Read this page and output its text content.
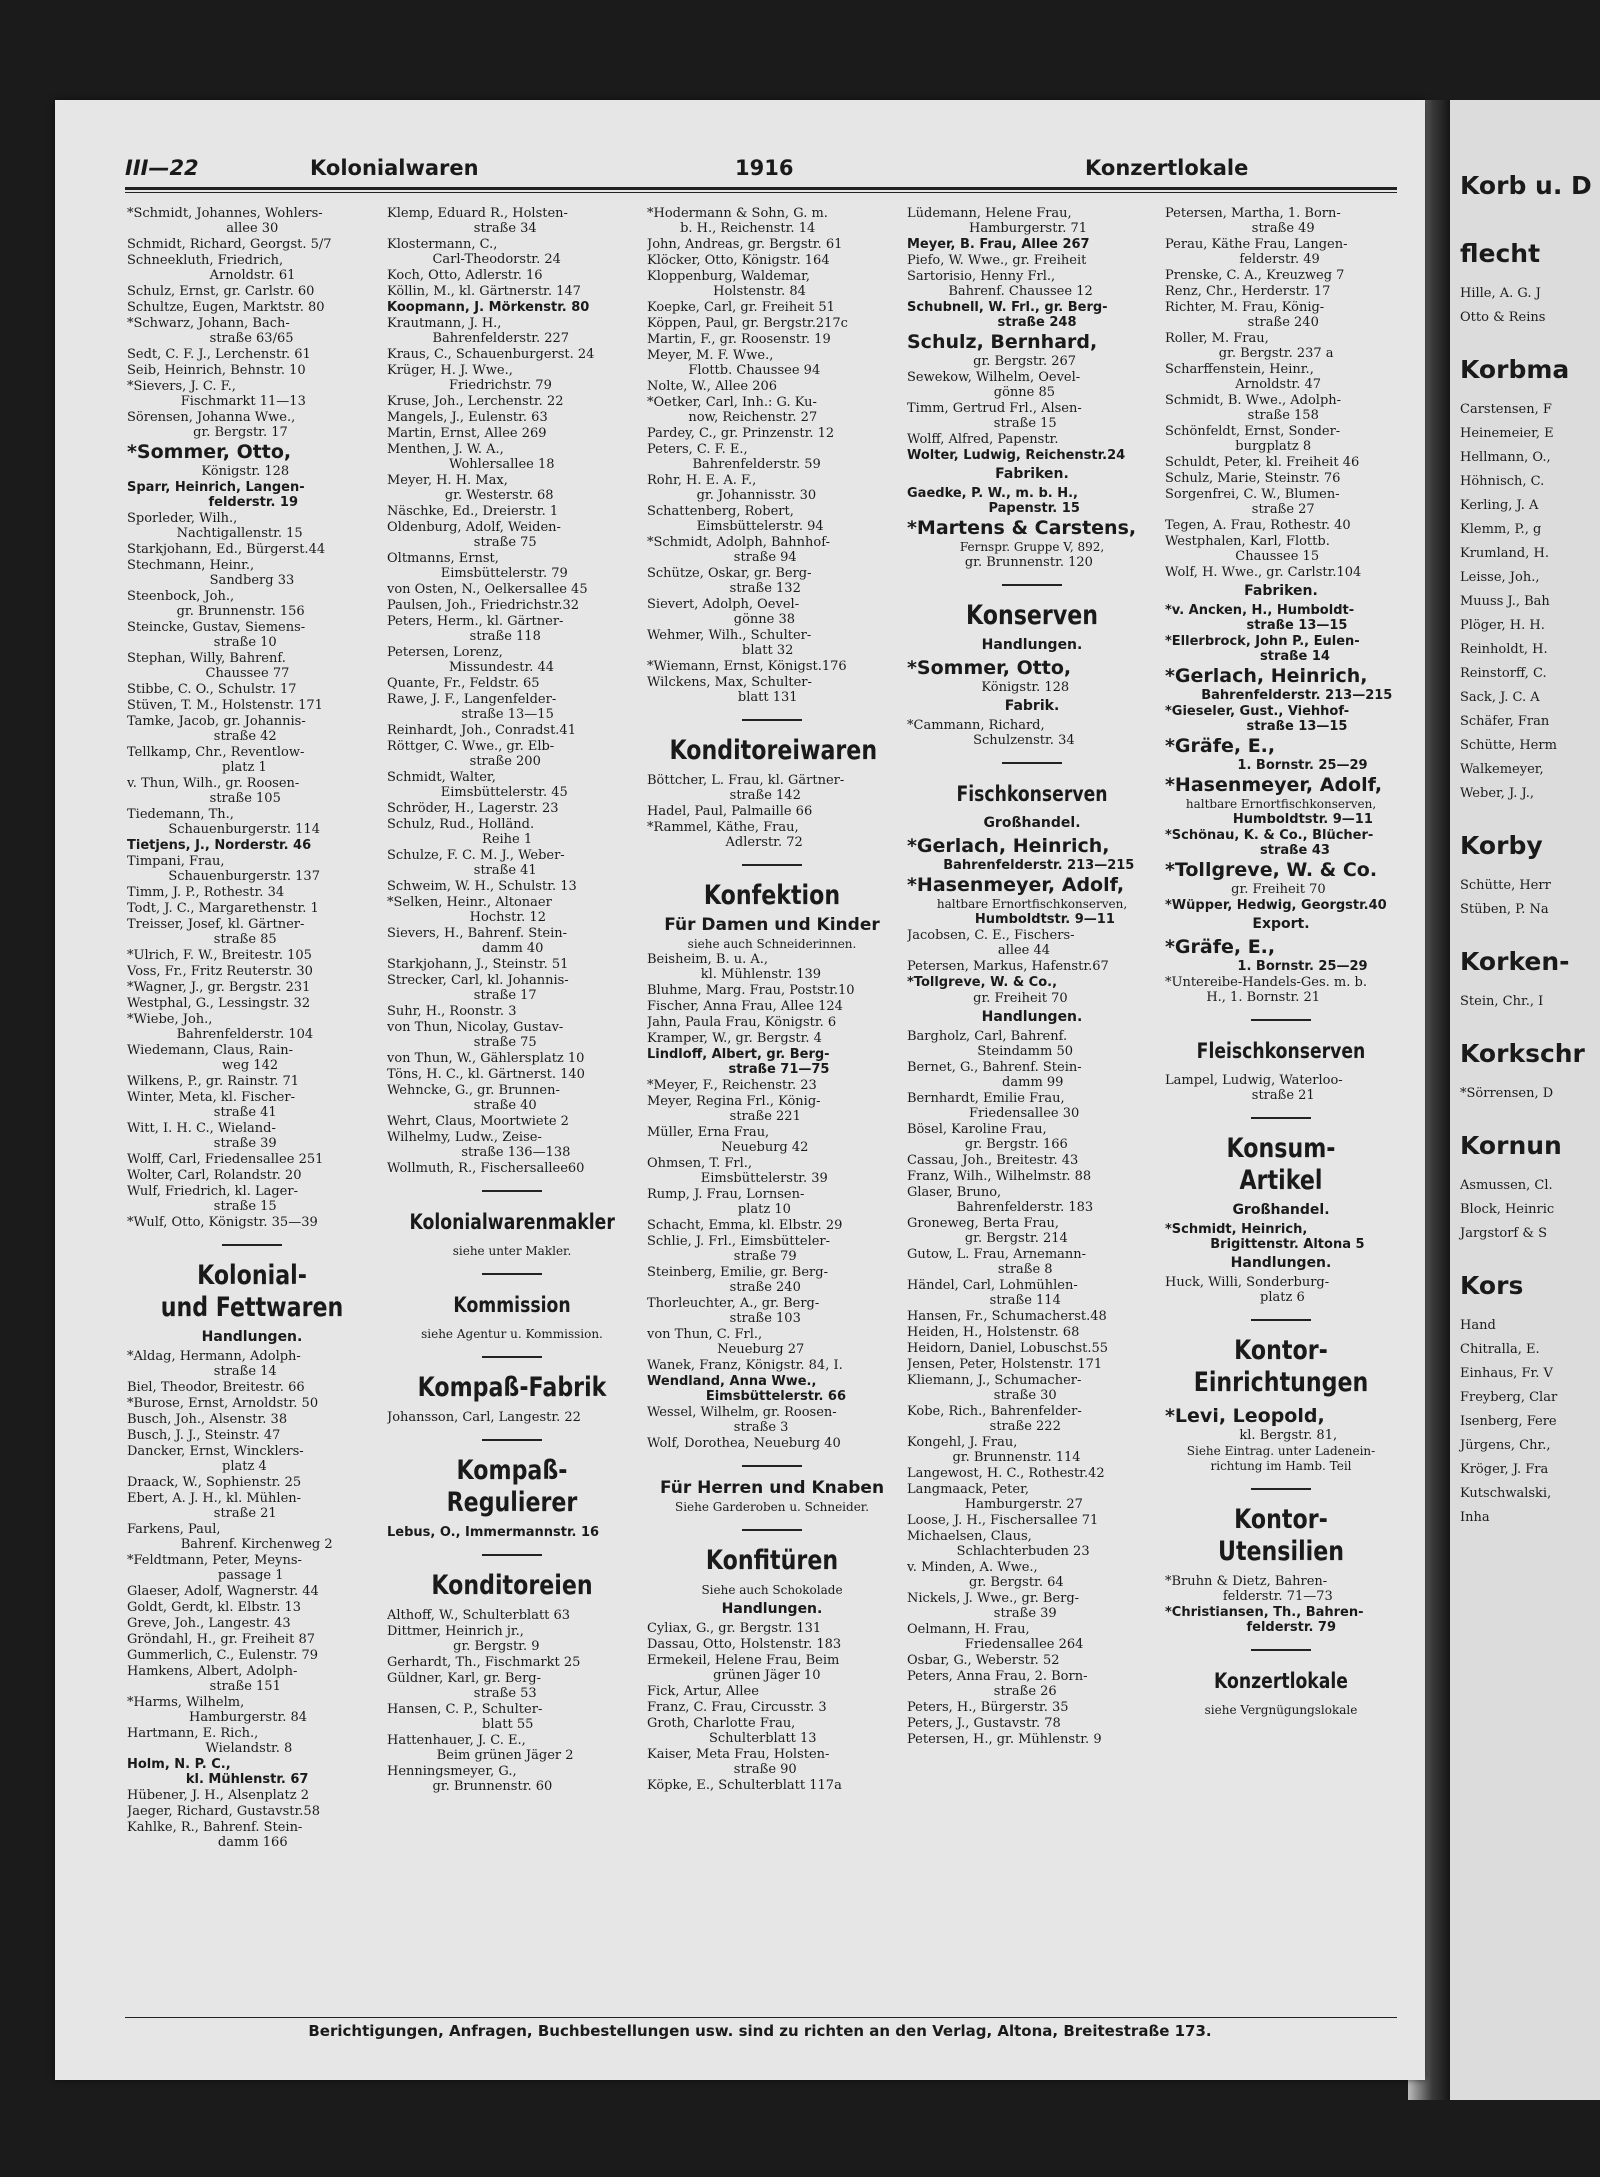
III—22	Kolonialwaren	1916	Konzertlokale
*Schmidt, Johannes, Wohlers-
allee 30
Schmidt, Richard, Georgst. 5/7
Schneekluth, Friedrich,
Arnoldstr. 61
Schulz, Ernst, gr. Carlstr. 60
Schultze, Eugen, Marktstr. 80
*Schwarz, Johann, Bach-
straße 63/65
Sedt, C. F. J., Lerchenstr. 61
Seib, Heinrich, Behnstr. 10
*Sievers, J. C. F.,
Fischmarkt 11—13
Sörensen, Johanna Wwe.,
gr. Bergstr. 17
*Sommer, Otto,
Königstr. 128
Sparr, Heinrich, Langen-
felderstr. 19
Sporleder, Wilh.,
Nachtigallenstr. 15
Starkjohann, Ed., Bürgerst.44
Stechmann, Heinr.,
Sandberg 33
Steenbock, Joh.,
gr. Brunnenstr. 156
Steincke, Gustav, Siemens-
straße 10
Stephan, Willy, Bahrenf.
Chaussee 77
Stibbe, C. O., Schulstr. 17
Stüven, T. M., Holstenstr. 171
Tamke, Jacob, gr. Johannis-
straße 42
Tellkamp, Chr., Reventlow-
platz 1
v. Thun, Wilh., gr. Roosen-
straße 105
Tiedemann, Th.,
Schauenburgerstr. 114
Tietjens, J., Norderstr. 46
Timpani, Frau,
Schauenburgerstr. 137
Timm, J. P., Rothestr. 34
Todt, J. C., Margarethenstr. 1
Treisser, Josef, kl. Gärtner-
straße 85
*Ulrich, F. W., Breitestr. 105
Voss, Fr., Fritz Reuterstr. 30
*Wagner, J., gr. Bergstr. 231
Westphal, G., Lessingstr. 32
*Wiebe, Joh.,
Bahrenfelderstr. 104
Wiedemann, Claus, Rain-
weg 142
Wilkens, P., gr. Rainstr. 71
Winter, Meta, kl. Fischer-
straße 41
Witt, I. H. C., Wieland-
straße 39
Wolff, Carl, Friedensallee 251
Wolter, Carl, Rolandstr. 20
Wulf, Friedrich, kl. Lager-
straße 15
*Wulf, Otto, Königstr. 35—39
Kolonial-
und Fettwaren
Handlungen.
*Aldag, Hermann, Adolph-
straße 14
Biel, Theodor, Breitestr. 66
*Burose, Ernst, Arnoldstr. 50
Busch, Joh., Alsenstr. 38
Busch, J. J., Steinstr. 47
Dancker, Ernst, Wincklers-
platz 4
Draack, W., Sophienstr. 25
Ebert, A. J. H., kl. Mühlen-
straße 21
Farkens, Paul,
Bahrenf. Kirchenweg 2
*Feldtmann, Peter, Meyns-
passage 1
Glaeser, Adolf, Wagnerstr. 44
Goldt, Gerdt, kl. Elbstr. 13
Greve, Joh., Langestr. 43
Gröndahl, H., gr. Freiheit 87
Gummerlich, C., Eulenstr. 79
Hamkens, Albert, Adolph-
straße 151
*Harms, Wilhelm,
Hamburgerstr. 84
Hartmann, E. Rich.,
Wielandstr. 8
Holm, N. P. C.,
kl. Mühlenstr. 67
Hübener, J. H., Alsenplatz 2
Jaeger, Richard, Gustavstr.58
Kahlke, R., Bahrenf. Stein-
damm 166
Klemp, Eduard R., Holsten-
straße 34
Klostermann, C.,
Carl-Theodorstr. 24
Koch, Otto, Adlerstr. 16
Köllin, M., kl. Gärtnerstr. 147
Koopmann, J. Mörkenstr. 80
Krautmann, J. H.,
Bahrenfelderstr. 227
Kraus, C., Schauenburgerst. 24
Krüger, H. J. Wwe.,
Friedrichstr. 79
Kruse, Joh., Lerchenstr. 22
Mangels, J., Eulenstr. 63
Martin, Ernst, Allee 269
Menthen, J. W. A.,
Wohlersallee 18
Meyer, H. H. Max,
gr. Westerstr. 68
Näschke, Ed., Dreierstr. 1
Oldenburg, Adolf, Weiden-
straße 75
Oltmanns, Ernst,
Eimsbüttelerstr. 79
von Osten, N., Oelkersallee 45
Paulsen, Joh., Friedrichstr.32
Peters, Herm., kl. Gärtner-
straße 118
Petersen, Lorenz,
Missundestr. 44
Quante, Fr., Feldstr. 65
Rawe, J. F., Langenfelder-
straße 13—15
Reinhardt, Joh., Conradst.41
Röttger, C. Wwe., gr. Elb-
straße 200
Schmidt, Walter,
Eimsbüttelerstr. 45
Schröder, H., Lagerstr. 23
Schulz, Rud., Holländ.
Reihe 1
Schulze, F. C. M. J., Weber-
straße 41
Schweim, W. H., Schulstr. 13
*Selken, Heinr., Altonaer
Hochstr. 12
Sievers, H., Bahrenf. Stein-
damm 40
Starkjohann, J., Steinstr. 51
Strecker, Carl, kl. Johannis-
straße 17
Suhr, H., Roonstr. 3
von Thun, Nicolay, Gustav-
straße 75
von Thun, W., Gählersplatz 10
Töns, H. C., kl. Gärtnerst. 140
Wehncke, G., gr. Brunnen-
straße 40
Wehrt, Claus, Moortwiete 2
Wilhelmy, Ludw., Zeise-
straße 136—138
Wollmuth, R., Fischersallee60
Kolonialwarenmakler
siehe unter Makler.
Kommission
siehe Agentur u. Kommission.
Kompaß-Fabrik
Johansson, Carl, Langestr. 22
Kompaß-Regulierer
Lebus, O., Immermannstr. 16
Konditoreien
Althoff, W., Schulterblatt 63
Dittmer, Heinrich jr.,
gr. Bergstr. 9
Gerhardt, Th., Fischmarkt 25
Güldner, Karl, gr. Berg-
straße 53
Hansen, C. P., Schulter-
blatt 55
Hattenhauer, J. C. E.,
Beim grünen Jäger 2
Henningsmeyer, G.,
gr. Brunnenstr. 60
*Hodermann & Sohn, G. m.
b. H., Reichenstr. 14
John, Andreas, gr. Bergstr. 61
Klöcker, Otto, Königstr. 164
Kloppenburg, Waldemar,
Holstenstr. 84
Koepke, Carl, gr. Freiheit 51
Köppen, Paul, gr. Bergstr.217c
Martin, F., gr. Roosenstr. 19
Meyer, M. F. Wwe.,
Flottb. Chaussee 94
Nolte, W., Allee 206
*Oetker, Carl, Inh.: G. Ku-
now, Reichenstr. 27
Pardey, C., gr. Prinzenstr. 12
Peters, C. F. E.,
Bahrenfelderstr. 59
Rohr, H. E. A. F.,
gr. Johannisstr. 30
Schattenberg, Robert,
Eimsbüttelerstr. 94
*Schmidt, Adolph, Bahnhof-
straße 94
Schütze, Oskar, gr. Berg-
straße 132
Sievert, Adolph, Oevel-
gönne 38
Wehmer, Wilh., Schulter-
blatt 32
*Wiemann, Ernst, Königst.176
Wilckens, Max, Schulter-
blatt 131
Konditoreiwaren
Böttcher, L. Frau, kl. Gärtner-
straße 142
Hadel, Paul, Palmaille 66
*Rammel, Käthe, Frau,
Adlerstr. 72
Konfektion
Für Damen und Kinder
siehe auch Schneiderinnen.
Beisheim, B. u. A.,
kl. Mühlenstr. 139
Bluhme, Marg. Frau, Poststr.10
Fischer, Anna Frau, Allee 124
Jahn, Paula Frau, Königstr. 6
Kramper, W., gr. Bergstr. 4
Lindloff, Albert, gr. Berg-
straße 71—75
*Meyer, F., Reichenstr. 23
Meyer, Regina Frl., König-
straße 221
Müller, Erna Frau,
Neueburg 42
Ohmsen, T. Frl.,
Eimsbüttelerstr. 39
Rump, J. Frau, Lornsen-
platz 10
Schacht, Emma, kl. Elbstr. 29
Schlie, J. Frl., Eimsbütteler-
straße 79
Steinberg, Emilie, gr. Berg-
straße 240
Thorleuchter, A., gr. Berg-
straße 103
von Thun, C. Frl.,
Neueburg 27
Wanek, Franz, Königstr. 84, I.
Wendland, Anna Wwe.,
Eimsbüttelerstr. 66
Wessel, Wilhelm, gr. Roosen-
straße 3
Wolf, Dorothea, Neueburg 40
Für Herren und Knaben
Siehe Garderoben u. Schneider.
Konfitüren
Siehe auch Schokolade
Handlungen.
Cyliax, G., gr. Bergstr. 131
Dassau, Otto, Holstenstr. 183
Ermekeil, Helene Frau, Beim
grünen Jäger 10
Fick, Artur, Allee
Franz, C. Frau, Circusstr. 3
Groth, Charlotte Frau,
Schulterblatt 13
Kaiser, Meta Frau, Holsten-
straße 90
Köpke, E., Schulterblatt 117a
Lüdemann, Helene Frau,
Hamburgerstr. 71
Meyer, B. Frau, Allee 267
Piefo, W. Wwe., gr. Freiheit
Sartorisio, Henny Frl.,
Bahrenf. Chaussee 12
Schubnell, W. Frl., gr. Berg-
straße 248
Schulz, Bernhard,
gr. Bergstr. 267
Sewekow, Wilhelm, Oevel-
gönne 85
Timm, Gertrud Frl., Alsen-
straße 15
Wolff, Alfred, Papenstr.
Wolter, Ludwig, Reichenstr.24
Fabriken.
Gaedke, P. W., m. b. H.,
Papenstr. 15
*Martens & Carstens,
Fernspr. Gruppe V, 892,
gr. Brunnenstr. 120
Konserven
Handlungen.
*Sommer, Otto,
Königstr. 128
Fabrik.
*Cammann, Richard,
Schulzenstr. 34
Fischkonserven
Großhandel.
*Gerlach, Heinrich,
Bahrenfelderstr. 213—215
*Hasenmeyer, Adolf,
haltbare Ernortfischkonserven,
Humboldtstr. 9—11
Jacobsen, C. E., Fischers-
allee 44
Petersen, Markus, Hafenstr.67
*Tollgreve, W. & Co.,
gr. Freiheit 70
Handlungen.
Bargholz, Carl, Bahrenf.
Steindamm 50
Bernet, G., Bahrenf. Stein-
damm 99
Bernhardt, Emilie Frau,
Friedensallee 30
Bösel, Karoline Frau,
gr. Bergstr. 166
Cassau, Joh., Breitestr. 43
Franz, Wilh., Wilhelmstr. 88
Glaser, Bruno,
Bahrenfelderstr. 183
Groneweg, Berta Frau,
gr. Bergstr. 214
Gutow, L. Frau, Arnemann-
straße 8
Händel, Carl, Lohmühlen-
straße 114
Hansen, Fr., Schumacherst.48
Heiden, H., Holstenstr. 68
Heidorn, Daniel, Lobuschst.55
Jensen, Peter, Holstenstr. 171
Kliemann, J., Schumacher-
straße 30
Kobe, Rich., Bahrenfelder-
straße 222
Kongehl, J. Frau,
gr. Brunnenstr. 114
Langewost, H. C., Rothestr.42
Langmaack, Peter,
Hamburgerstr. 27
Loose, J. H., Fischersallee 71
Michaelsen, Claus,
Schlachterbuden 23
v. Minden, A. Wwe.,
gr. Bergstr. 64
Nickels, J. Wwe., gr. Berg-
straße 39
Oelmann, H. Frau,
Friedensallee 264
Osbar, G., Weberstr. 52
Peters, Anna Frau, 2. Born-
straße 26
Peters, H., Bürgerstr. 35
Peters, J., Gustavstr. 78
Petersen, H., gr. Mühlenstr. 9
Petersen, Martha, 1. Born-
straße 49
Perau, Käthe Frau, Langen-
felderstr. 49
Prenske, C. A., Kreuzweg 7
Renz, Chr., Herderstr. 17
Richter, M. Frau, König-
straße 240
Roller, M. Frau,
gr. Bergstr. 237 a
Scharffenstein, Heinr.,
Arnoldstr. 47
Schmidt, B. Wwe., Adolph-
straße 158
Schönfeldt, Ernst, Sonder-
burgplatz 8
Schuldt, Peter, kl. Freiheit 46
Schulz, Marie, Steinstr. 76
Sorgenfrei, C. W., Blumen-
straße 27
Tegen, A. Frau, Rothestr. 40
Westphalen, Karl, Flottb.
Chaussee 15
Wolf, H. Wwe., gr. Carlstr.104
Fabriken.
*v. Ancken, H., Humboldt-
straße 13—15
*Ellerbrock, John P., Eulen-
straße 14
*Gerlach, Heinrich,
Bahrenfelderstr. 213—215
*Gieseler, Gust., Viehhof-
straße 13—15
*Gräfe, E.,
1. Bornstr. 25—29
*Hasenmeyer, Adolf,
haltbare Ernortfischkonserven,
Humboldtstr. 9—11
*Schönau, K. & Co., Blücher-
straße 43
*Tollgreve, W. & Co.
gr. Freiheit 70
*Wüpper, Hedwig, Georgstr.40
Export.
*Gräfe, E.,
1. Bornstr. 25—29
*Untereibe-Handels-Ges. m. b.
H., 1. Bornstr. 21
Fleischkonserven
Lampel, Ludwig, Waterloo-
straße 21
Konsum-Artikel
Großhandel.
*Schmidt, Heinrich,
Brigittenstr. Altona 5
Handlungen.
Huck, Willi, Sonderburg-
platz 6
Kontor-
Einrichtungen
*Levi, Leopold,
kl. Bergstr. 81,
Siehe Eintrag. unter Ladenein-
richtung im Hamb. Teil
Kontor-Utensilien
*Bruhn & Dietz, Bahren-
felderstr. 71—73
*Christiansen, Th., Bahren-
felderstr. 79
Konzertlokale
siehe Vergnügungslokale
Berichtigungen, Anfragen, Buchbestellungen usw. sind zu richten an den Verlag, Altona, Breitestraße 173.
Korb u. D
flecht
Hille, A. G. J
Otto & Reins
Korbma
Carstensen, F
Heinemeier, E
Hellmann, O.,
Höhnisch, C.
Kerling, J. A
Klemm, P., g
Krumland, H.
Leisse, Joh.,
Muuss J., Bah
Plöger, H. H.
Reinholdt, H.
Reinstorff, C.
Sack, J. C. A
Schäfer, Fran
Schütte, Herm
Walkemeyer,
Weber, J. J.,
Korby
Schütte, Herr
Stüben, P. Na
Korken-
Stein, Chr., I
Korkschr
*Sörrensen, D
Kornun
Asmussen, Cl.
Block, Heinric
Jargstorf & S
Kors
Hand
Chitralla, E.
Einhaus, Fr. V
Freyberg, Clar
Isenberg, Fere
Jürgens, Chr.,
Kröger, J. Fra
Kutschwalski,
Inha
